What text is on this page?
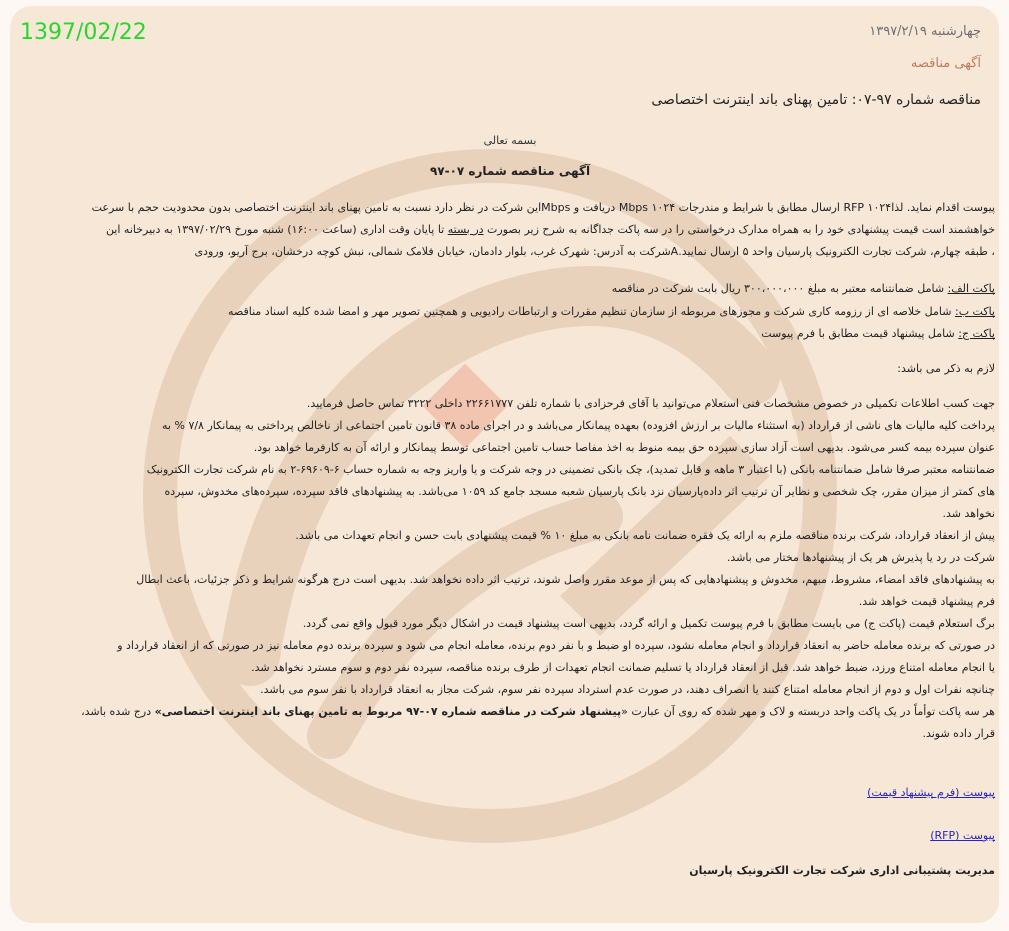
1397/02/22	چهارشنبه ۱۳۹۷/۲/۱۹
آگهی مناقصه
مناقصه شماره ۹۷-۰۷: تامین پهنای باند اینترنت اختصاصی
بسمه تعالی
آگهی مناقصه شماره ۰۷-۹۷
پیوست اقدام نماید. لذاRFP ۱۰۲۴ ارسال مطابق با شرایط و مندرجات Mbps ۱۰۲۴ دریافت و Mbpsاین شرکت در نظر دارد نسبت به تامین پهنای باند اینترنت اختصاصی بدون محدودیت حجم با سرعت
خواهشمند است قیمت پیشنهادی خود را به همراه مدارک درخواستی را در سه پاکت جداگانه به شرح زیر بصورت در بسته تا پایان وقت اداری (ساعت ۱۶:۰۰) شنبه مورخ ۱۳۹۷/۰۲/۲۹ به دبیرخانه این
، طبقه چهارم، شرکت تجارت الکترونیک پارسیان واحد ۵ ارسال نمایید.Aشرکت به آدرس: شهرک غرب، بلوار دادمان، خیابان فلامک شمالی، نبش کوچه درخشان، برج آریو، ورودی
پاکت الف: شامل ضمانتنامه معتبر به مبلغ ۳۰۰،۰۰۰،۰۰۰ ریال بابت شرکت در مناقصه
پاکت ب: شامل خلاصه ای از رزومه کاری شرکت و مجوزهای مربوطه از سازمان تنظیم مقررات و ارتباطات رادیویی و همچنین تصویر مهر و امضا شده کلیه اسناد مناقصه
پاکت ج: شامل پیشنهاد قیمت مطابق با فرم پیوست
لازم به ذکر می باشد:
جهت کسب اطلاعات تکمیلی در خصوص مشخصات فنی استعلام می‌توانید با آقای فرحزادی با شماره تلفن ۲۲۶۶۱۷۷۷ داخلی ۳۲۲۲ تماس حاصل فرمایید.
پرداخت کلیه مالیات های ناشی از قرارداد (به استثناء مالیات بر ارزش افزوده) بعهده پیمانکار می‌باشد و در اجرای ماده ۳۸ قانون تامین اجتماعی از ناخالص پرداختی به پیمانکار ۷/۸ % به
عنوان سپرده بیمه کسر می‌شود. بدیهی است آزاد سازی سپرده حق بیمه منوط به اخذ مفاصا حساب تامین اجتماعی توسط پیمانکار و ارائه آن به کارفرما خواهد بود.
ضمانتنامه معتبر صرفا شامل ضمانتنامه بانکی (با اعتبار ۳ ماهه و قابل تمدید)، چک بانکی تضمینی در وجه شرکت و یا واریز وجه به شماره حساب ۶-۶۹۶۰۹-۲ به نام شرکت تجارت الکترونیک
های کمتر از میزان مقرر، چک شخصی و نظایر آن ترتیب اثر داده‌پارسیان نزد بانک پارسیان شعبه مسجد جامع کد ۱۰۵۹ می‌باشد. به پیشنهادهای فاقد سپرده، سپرده‌های مخدوش، سپرده
نخواهد شد.
پیش از انعقاد قرارداد، شرکت برنده مناقصه ملزم به ارائه یک فقره ضمانت نامه بانکی به مبلغ ۱۰ % قیمت پیشنهادی بابت حسن و انجام تعهدات می باشد.
شرکت در رد یا پذیرش هر یک از پیشنهادها مختار می باشد.
به پیشنهادهای فاقد امضاء، مشروط، مبهم، مخدوش و پیشنهادهایی که پس از موعد مقرر واصل شوند، ترتیب اثر داده نخواهد شد. بدیهی است درج هرگونه شرایط و ذکر جزئیات، باعث ابطال
فرم پیشنهاد قیمت خواهد شد.
برگ استعلام قیمت (پاکت ج) می بایست مطابق با فرم پیوست تکمیل و ارائه گردد، بدیهی است پیشنهاد قیمت در اشکال دیگر مورد قبول واقع نمی گردد.
در صورتی که برنده معامله حاضر به انعقاد قرارداد و انجام معامله نشود، سپرده او ضبط و با نفر دوم برنده، معامله انجام می شود و سپرده برنده دوم معامله نیز در صورتی که از انعقاد قرارداد و
یا انجام معامله امتناع ورزد، ضبط خواهد شد. قبل از انعقاد قرارداد یا تسلیم ضمانت انجام تعهدات از طرف برنده مناقصه، سپرده نفر دوم و سوم مسترد نخواهد شد.
چنانچه نفرات اول و دوم از انجام معامله امتناع کنند یا انصراف دهند، در صورت عدم استرداد سپرده نفر سوم، شرکت مجاز به انعقاد قرارداد با نفر سوم می باشد.
هر سه پاکت توأماً در یک پاکت واحد دربسته و لاک و مهر شده که روی آن عبارت «پیشنهاد شرکت در مناقصه شماره ۰۷-۹۷ مربوط به تامین پهنای باند اینترنت اختصاصی» درج شده باشد،
قرار داده شوند.
پیوست (فرم پیشنهاد قیمت)
پیوست (RFP)
مدیریت پشتیبانی اداری شرکت تجارت الکترونیک پارسیان
